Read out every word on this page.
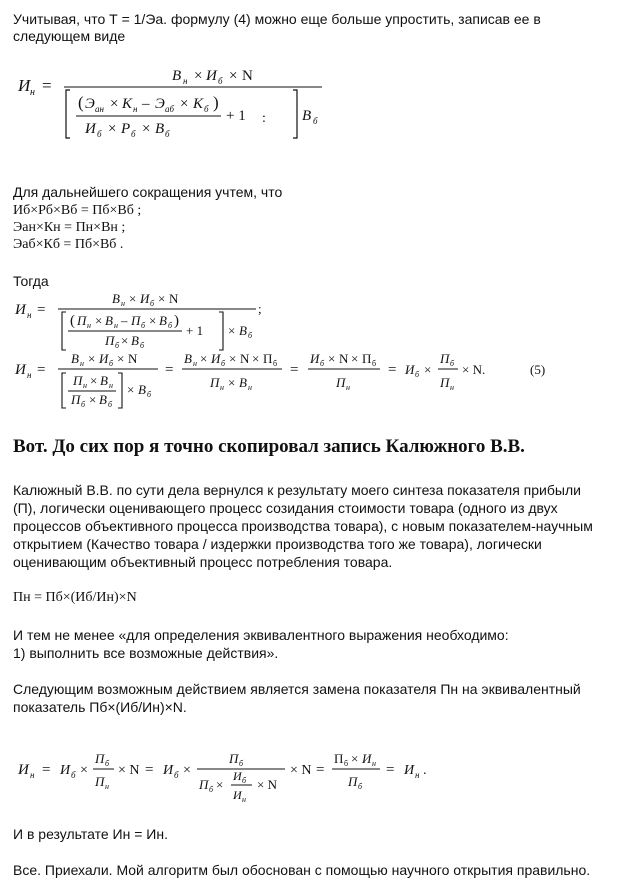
Учитывая, что Т = 1/Эа. формулу (4) можно еще больше упростить, записав ее в
следующем виде
И н =	В н × И б × N
( Э ан × К н – Э аб × К б )
И б × Р б × В б
+ 1 : В б
Для дальнейшего сокращения учтем, что
Иб×Рб×Вб = Пб×Вб ;
Эан×Кн = Пн×Вн ;
Эаб×Кб = Пб×Вб .
Тогда
И н =
В н × И б × N
;
( П н × В н – П б × В б )
П б × В б
+ 1 × В б
И н =
В н × И б × N
П н × В н
П б × В б
× В б
=
В н × И б × N × П б
П н × В н
=
И б × N × П б
П н
= И б ×
П б
П н
× N.	(5)
Вот. До сих пор я точно скопировал запись Калюжного В.В.
Калюжный В.В. по сути дела вернулся к результату моего синтеза показателя прибыли
(П), логически оценивающего процесс созидания стоимости товара (одного из двух
процессов объективного процесса производства товара), с новым показателем-научным
открытием (Качество товара / издержки производства того же товара), логически
оценивающим объективный процесс потребления товара.
Пн = Пб×(Иб/Ин)×N
И тем не менее «для определения эквивалентного выражения необходимо:
1) выполнить все возможные действия».
Следующим возможным действием является замена показателя Пн на эквивалентный
показатель Пб×(Иб/Ин)×N.
И н = И б ×
П б
П н
× N = И б ×
П б
П б ×
И б
И н
× N
× N =
П б × И н
П б
= И н .
И в результате Ин = Ин.
Все. Приехали. Мой алгоритм был обоснован с помощью научного открытия правильно.
